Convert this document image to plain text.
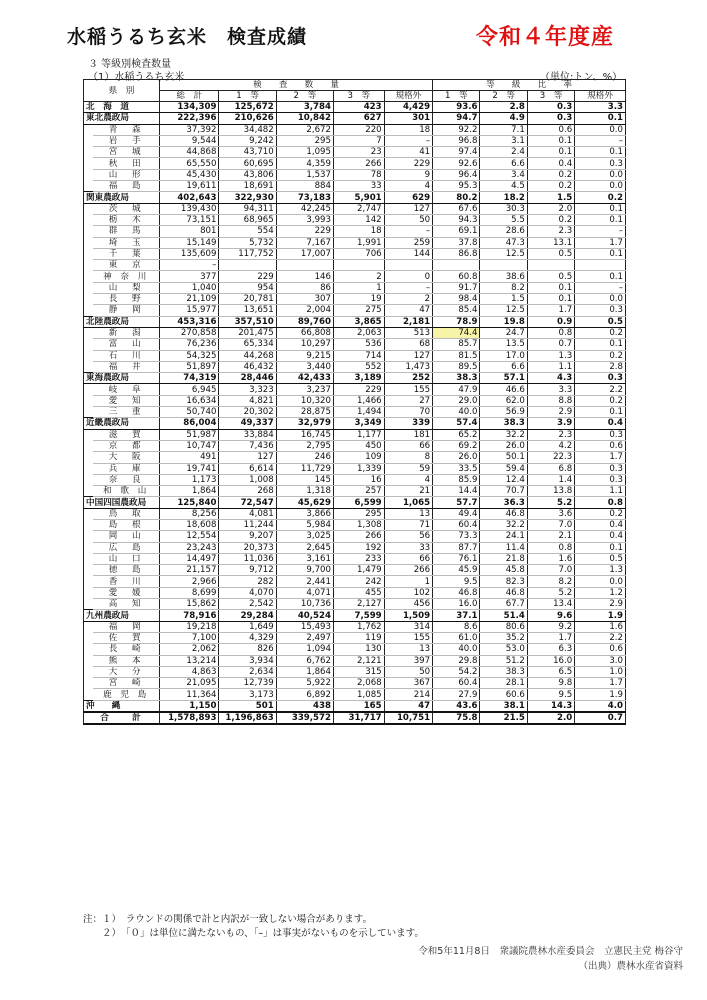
水稲うるち玄米　検査成績	令和４年度産
３ 等級別検査数量
（1）水稲うるち玄米	（単位:トン、%）
県　別		検　　査　　数　　量					等　　級　　比　　率			
		総　計	1　等	2　等	3　等	規格外	1　等	2　等	3　等	規格外
北　海　道		134,309	125,672	3,784	423	4,429	93.6	2.8	0.3	3.3
東北農政局		222,396	210,626	10,842	627	301	94.7	4.9	0.3	0.1
	青　森	37,392	34,482	2,672	220	18	92.2	7.1	0.6	0.0
	岩　手	9,544	9,242	295	7	–	96.8	3.1	0.1	–
	宮　城	44,868	43,710	1,095	23	41	97.4	2.4	0.1	0.1
	秋　田	65,550	60,695	4,359	266	229	92.6	6.6	0.4	0.3
	山　形	45,430	43,806	1,537	78	9	96.4	3.4	0.2	0.0
	福　島	19,611	18,691	884	33	4	95.3	4.5	0.2	0.0
関東農政局		402,643	322,930	73,183	5,901	629	80.2	18.2	1.5	0.2
	茨　城	139,430	94,311	42,245	2,747	127	67.6	30.3	2.0	0.1
	栃　木	73,151	68,965	3,993	142	50	94.3	5.5	0.2	0.1
	群　馬	801	554	229	18	–	69.1	28.6	2.3	–
	埼　玉	15,149	5,732	7,167	1,991	259	37.8	47.3	13.1	1.7
	千　葉	135,609	117,752	17,007	706	144	86.8	12.5	0.5	0.1
	東　京	–								
	神 奈 川	377	229	146	2	0	60.8	38.6	0.5	0.1
	山　梨	1,040	954	86	1	–	91.7	8.2	0.1	–
	長　野	21,109	20,781	307	19	2	98.4	1.5	0.1	0.0
	静　岡	15,977	13,651	2,004	275	47	85.4	12.5	1.7	0.3
北陸農政局		453,316	357,510	89,760	3,865	2,181	78.9	19.8	0.9	0.5
	新　潟	270,858	201,475	66,808	2,063	513	74.4	24.7	0.8	0.2
	富　山	76,236	65,334	10,297	536	68	85.7	13.5	0.7	0.1
	石　川	54,325	44,268	9,215	714	127	81.5	17.0	1.3	0.2
	福　井	51,897	46,432	3,440	552	1,473	89.5	6.6	1.1	2.8
東海農政局		74,319	28,446	42,433	3,189	252	38.3	57.1	4.3	0.3
	岐　阜	6,945	3,323	3,237	229	155	47.9	46.6	3.3	2.2
	愛　知	16,634	4,821	10,320	1,466	27	29.0	62.0	8.8	0.2
	三　重	50,740	20,302	28,875	1,494	70	40.0	56.9	2.9	0.1
近畿農政局		86,004	49,337	32,979	3,349	339	57.4	38.3	3.9	0.4
	滋　賀	51,987	33,884	16,745	1,177	181	65.2	32.2	2.3	0.3
	京　都	10,747	7,436	2,795	450	66	69.2	26.0	4.2	0.6
	大　阪	491	127	246	109	8	26.0	50.1	22.3	1.7
	兵　庫	19,741	6,614	11,729	1,339	59	33.5	59.4	6.8	0.3
	奈　良	1,173	1,008	145	16	4	85.9	12.4	1.4	0.3
	和 歌 山	1,864	268	1,318	257	21	14.4	70.7	13.8	1.1
中国四国農政局		125,840	72,547	45,629	6,599	1,065	57.7	36.3	5.2	0.8
	鳥　取	8,256	4,081	3,866	295	13	49.4	46.8	3.6	0.2
	島　根	18,608	11,244	5,984	1,308	71	60.4	32.2	7.0	0.4
	岡　山	12,554	9,207	3,025	266	56	73.3	24.1	2.1	0.4
	広　島	23,243	20,373	2,645	192	33	87.7	11.4	0.8	0.1
	山　口	14,497	11,036	3,161	233	66	76.1	21.8	1.6	0.5
	徳　島	21,157	9,712	9,700	1,479	266	45.9	45.8	7.0	1.3
	香　川	2,966	282	2,441	242	1	9.5	82.3	8.2	0.0
	愛　媛	8,699	4,070	4,071	455	102	46.8	46.8	5.2	1.2
	高　知	15,862	2,542	10,736	2,127	456	16.0	67.7	13.4	2.9
九州農政局		78,916	29,284	40,524	7,599	1,509	37.1	51.4	9.6	1.9
	福　岡	19,218	1,649	15,493	1,762	314	8.6	80.6	9.2	1.6
	佐　賀	7,100	4,329	2,497	119	155	61.0	35.2	1.7	2.2
	長　崎	2,062	826	1,094	130	13	40.0	53.0	6.3	0.6
	熊　本	13,214	3,934	6,762	2,121	397	29.8	51.2	16.0	3.0
	大　分	4,863	2,634	1,864	315	50	54.2	38.3	6.5	1.0
	宮　崎	21,095	12,739	5,922	2,068	367	60.4	28.1	9.8	1.7
	鹿 児 島	11,364	3,173	6,892	1,085	214	27.9	60.6	9.5	1.9
沖　　縄		1,150	501	438	165	47	43.6	38.1	14.3	4.0
合　　計		1,578,893	1,196,863	339,572	31,717	10,751	75.8	21.5	2.0	0.7
注：１）　ラウンドの関係で計と内訳が一致しない場合があります。
　　２）　「０」は単位に満たないもの、「–」は事実がないものを示しています。
令和5年11月8日　衆議院農林水産委員会　立憲民主党 梅谷守
（出典）農林水産省資料
